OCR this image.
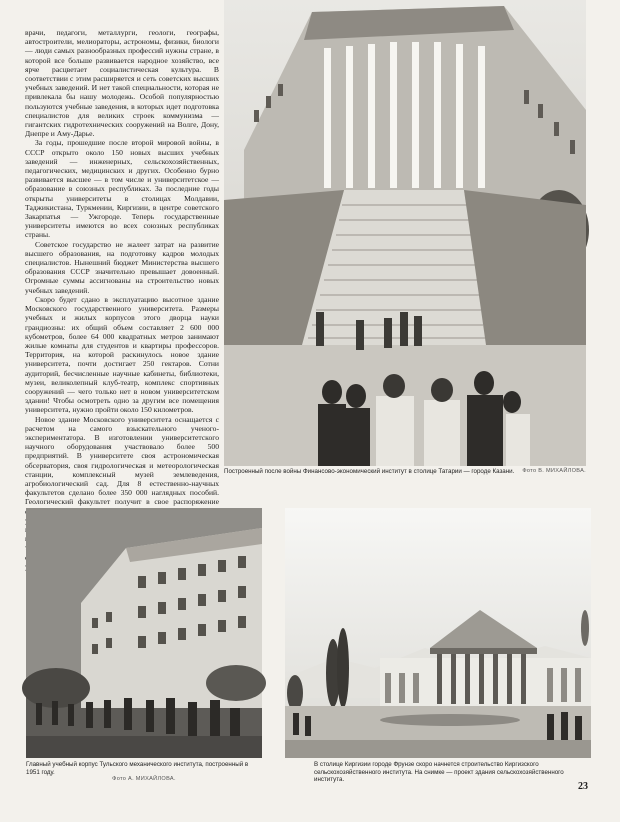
врачи, педагоги, металлурги, геологи, географы, автостроители, мелиораторы, астрономы, физики, биологи — люди самых разнообразных профессий нужны стране, в которой все больше развивается народное хозяйство, все ярче расцветает социалистическая культура. В соответствии с этим расширяется и сеть советских высших учебных заведений. И нет такой специальности, которая не привлекала бы нашу молодежь. Особой популярностью пользуются учебные заведения, в которых идет подготовка специалистов для великих строек коммунизма — гигантских гидротехнических сооружений на Волге, Дону, Днепре и Аму-Дарье.

За годы, прошедшие после второй мировой войны, в СССР открыто около 150 новых высших учебных заведений — инженерных, сельскохозяйственных, педагогических, медицинских и других. Особенно бурно развивается высшее — в том числе и университетское — образование в союзных республиках. За последние годы открыты университеты в столицах Молдавии, Таджикистана, Туркмении, Киргизии, в центре советского Закарпатья — Ужгороде. Теперь государственные университеты имеются во всех союзных республиках страны.

Советское государство не жалеет затрат на развитие высшего образования, на подготовку кадров молодых специалистов. Нынешний бюджет Министерства высшего образования СССР значительно превышает довоенный. Огромные суммы ассигнованы на строительство новых учебных заведений.

Скоро будет сдано в эксплуатацию высотное здание Московского государственного университета. Размеры учебных и жилых корпусов этого дворца науки грандиозны: их общий объем составляет 2 600 000 кубометров, более 64 000 квадратных метров занимают жилые комнаты для студентов и квартиры профессоров. Территория, на которой раскинулось новое здание университета, почти достигает 250 гектаров. Сотни аудиторий, бесчисленные научные кабинеты, библиотеки, музеи, великолепный клуб-театр, комплекс спортивных сооружений — чего только нет в новом университетском здании! Чтобы осмотреть одно за другим все помещения университета, нужно пройти около 150 километров.

Новое здание Московского университета оснащается с расчетом на самого взыскательного ученого-экспериментатора. В изготовлении университетского научного оборудования участвовало более 500 предприятий. В университете своя астрономическая обсерватория, своя гидрологическая и метеорологическая станции, комплексный музей землеведения, агробиологический сад. Для 8 естественно-научных факультетов сделано более 350 000 наглядных пособий. Геологический факультет получит в свое распоряжение

Построенный после войны Финансово-экономический институт в столице Татарии — городе Казани. Фото В. МИХАЙЛОВА.
Главный учебный корпус Тульского механического института, построенный в 1951 году.
Фото А. МИХАЙЛОВА.
В столице Киргизии городе Фрунзе скоро начнется строительство Киргизского сельскохозяйственного института. На снимке — проект здания сельскохозяйственного института.
23
